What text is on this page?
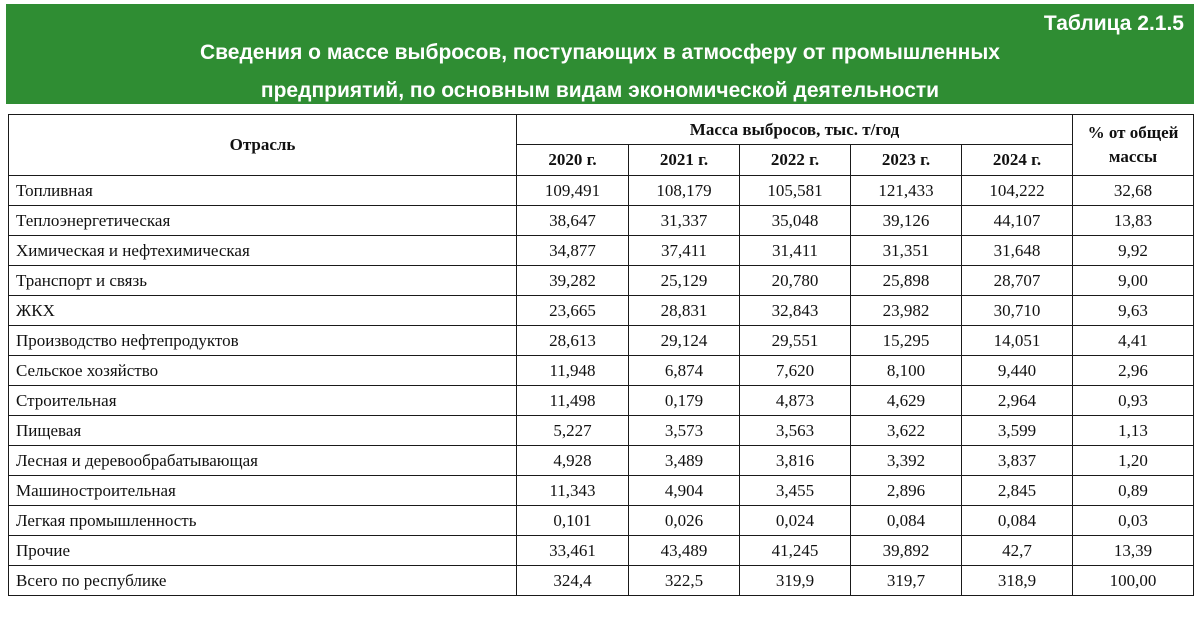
Таблица 2.1.5
Сведения о массе выбросов, поступающих в атмосферу от промышленных
предприятий, по основным видам экономической деятельности
Отрасль	Масса выбросов, тыс. т/год					% от общей
массы

	2020 г.	2021 г.	2022 г.	2023 г.	2024 г.	
Топливная	109,491	108,179	105,581	121,433	104,222	32,68
Теплоэнергетическая	38,647	31,337	35,048	39,126	44,107	13,83
Химическая и нефтехимическая	34,877	37,411	31,411	31,351	31,648	9,92
Транспорт и связь	39,282	25,129	20,780	25,898	28,707	9,00
ЖКХ	23,665	28,831	32,843	23,982	30,710	9,63
Производство нефтепродуктов	28,613	29,124	29,551	15,295	14,051	4,41
Сельское хозяйство	11,948	6,874	7,620	8,100	9,440	2,96
Строительная	11,498	0,179	4,873	4,629	2,964	0,93
Пищевая	5,227	3,573	3,563	3,622	3,599	1,13
Лесная и деревообрабатывающая	4,928	3,489	3,816	3,392	3,837	1,20
Машиностроительная	11,343	4,904	3,455	2,896	2,845	0,89
Легкая промышленность	0,101	0,026	0,024	0,084	0,084	0,03
Прочие	33,461	43,489	41,245	39,892	42,7	13,39
Всего по республике	324,4	322,5	319,9	319,7	318,9	100,00
